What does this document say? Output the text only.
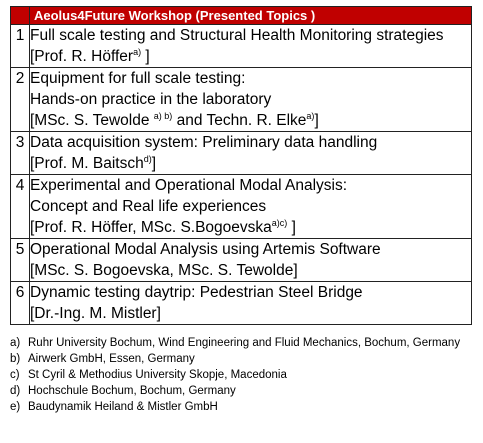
	Aeolus4Future Workshop (Presented Topics )
1	Full scale testing and Structural Health Monitoring strategies
[Prof. R. Höffer$^{a)}$ ]

2	Equipment for full scale testing:
Hands-on practice in the laboratory
[MSc. S. Tewolde $^{a) b)}$ and Techn. R. Elke$^{a)}$]

3	Data acquisition system: Preliminary data handling
[Prof. M. Baitsch$^{d)}$]

4	Experimental and Operational Modal Analysis:
Concept and Real life experiences
[Prof. R. Höffer, MSc. S.Bogoevska$^{a)c)}$ ]

5	Operational Modal Analysis using Artemis Software
[MSc. S. Bogoevska, MSc. S. Tewolde]

6	Dynamic testing daytrip: Pedestrian Steel Bridge
[Dr.-Ing. M. Mistler]
a) Ruhr University Bochum, Wind Engineering and Fluid Mechanics, Bochum, Germany
b) Airwerk GmbH, Essen, Germany
c) St Cyril & Methodius University Skopje, Macedonia
d) Hochschule Bochum, Bochum, Germany
e) Baudynamik Heiland & Mistler GmbH
